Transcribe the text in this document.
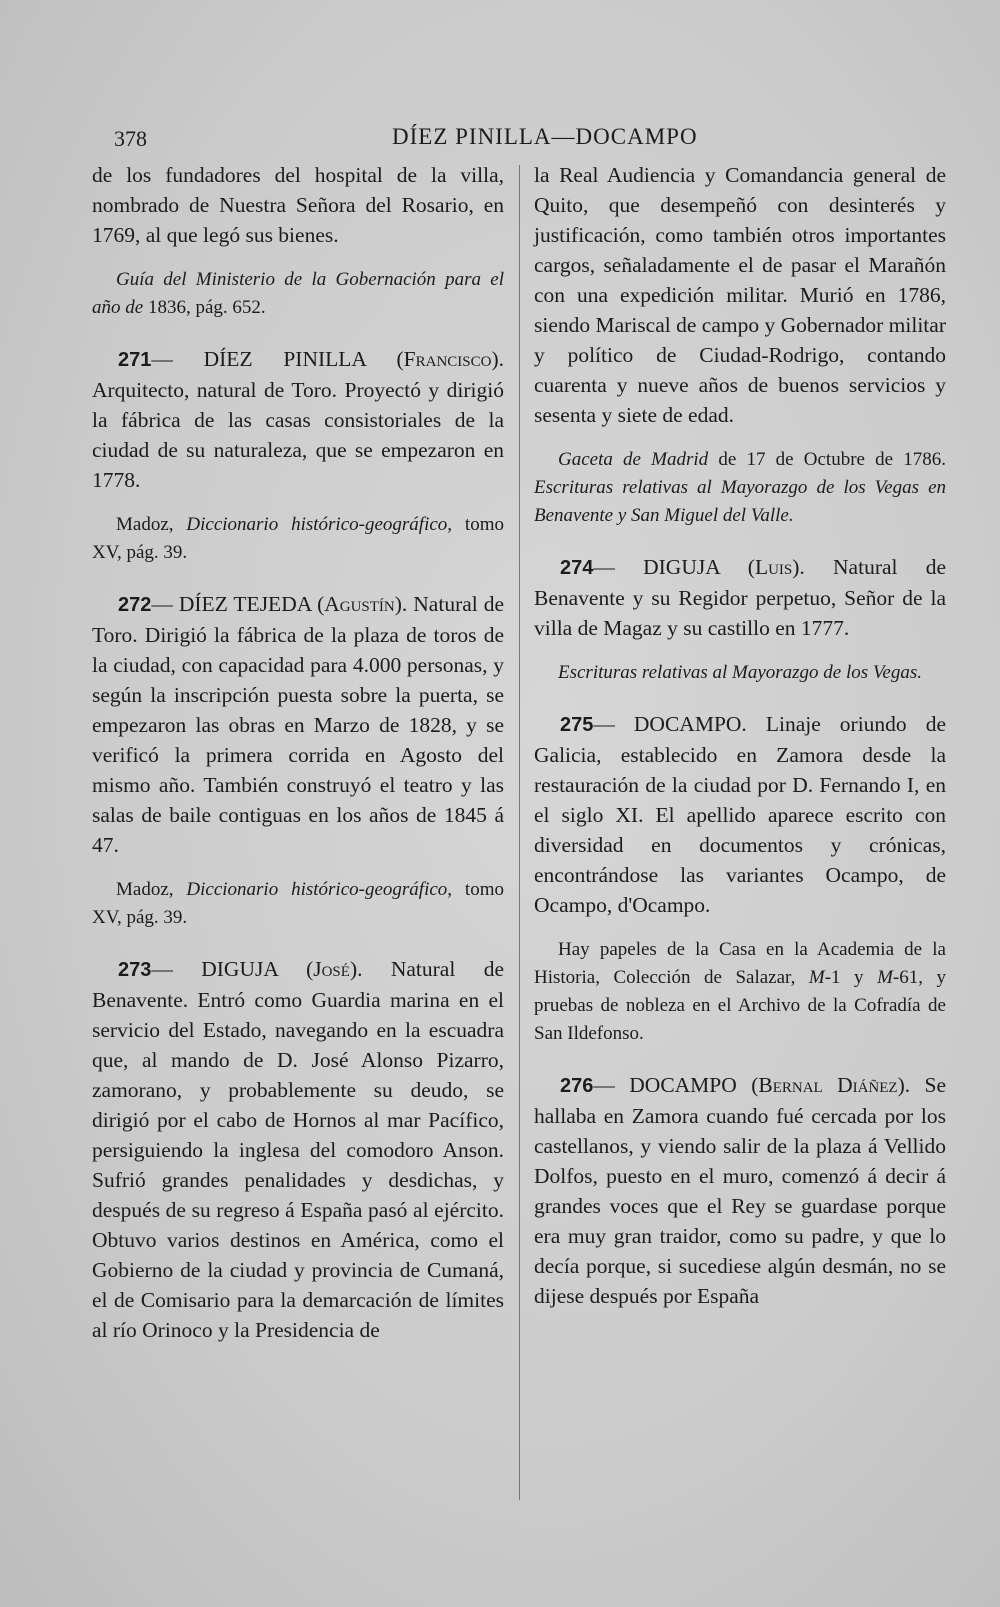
378	DÍEZ PINILLA—DOCAMPO

de los fundadores del hospital de la villa, nombrado de Nuestra Señora del Rosario, en 1769, al que legó sus bienes.

Guía del Ministerio de la Gobernación para el año de 1836, pág. 652.

271— DÍEZ PINILLA (Francisco). Arquitecto, natural de Toro. Proyectó y dirigió la fábrica de las casas consistoriales de la ciudad de su naturaleza, que se empezaron en 1778.

Madoz, Diccionario histórico-geográfico, tomo XV, pág. 39.

272— DÍEZ TEJEDA (Agustín). Natural de Toro. Dirigió la fábrica de la plaza de toros de la ciudad, con capacidad para 4.000 personas, y según la inscripción puesta sobre la puerta, se empezaron las obras en Marzo de 1828, y se verificó la primera corrida en Agosto del mismo año. También construyó el teatro y las salas de baile contiguas en los años de 1845 á 47.

Madoz, Diccionario histórico-geográfico, tomo XV, pág. 39.

273— DIGUJA (José). Natural de Benavente. Entró como Guardia marina en el servicio del Estado, navegando en la escuadra que, al mando de D. José Alonso Pizarro, zamorano, y probablemente su deudo, se dirigió por el cabo de Hornos al mar Pacífico, persiguiendo la inglesa del comodoro Anson. Sufrió grandes penalidades y desdichas, y después de su regreso á España pasó al ejército. Obtuvo varios destinos en América, como el Gobierno de la ciudad y provincia de Cumaná, el de Comisario para la demarcación de límites al río Orinoco y la Presidencia de

la Real Audiencia y Comandancia general de Quito, que desempeñó con desinterés y justificación, como también otros importantes cargos, señaladamente el de pasar el Marañón con una expedición militar. Murió en 1786, siendo Mariscal de campo y Gobernador militar y político de Ciudad-Rodrigo, contando cuarenta y nueve años de buenos servicios y sesenta y siete de edad.

Gaceta de Madrid de 17 de Octubre de 1786. Escrituras relativas al Mayorazgo de los Vegas en Benavente y San Miguel del Valle.

274— DIGUJA (Luis). Natural de Benavente y su Regidor perpetuo, Señor de la villa de Magaz y su castillo en 1777.

Escrituras relativas al Mayorazgo de los Vegas.

275— DOCAMPO. Linaje oriundo de Galicia, establecido en Zamora desde la restauración de la ciudad por D. Fernando I, en el siglo XI. El apellido aparece escrito con diversidad en documentos y crónicas, encontrándose las variantes Ocampo, de Ocampo, d'Ocampo.

Hay papeles de la Casa en la Academia de la Historia, Colección de Salazar, M-1 y M-61, y pruebas de nobleza en el Archivo de la Cofradía de San Ildefonso.

276— DOCAMPO (Bernal Diáñez). Se hallaba en Zamora cuando fué cercada por los castellanos, y viendo salir de la plaza á Vellido Dolfos, puesto en el muro, comenzó á decir á grandes voces que el Rey se guardase porque era muy gran traidor, como su padre, y que lo decía porque, si sucediese algún desmán, no se dijese después por España
